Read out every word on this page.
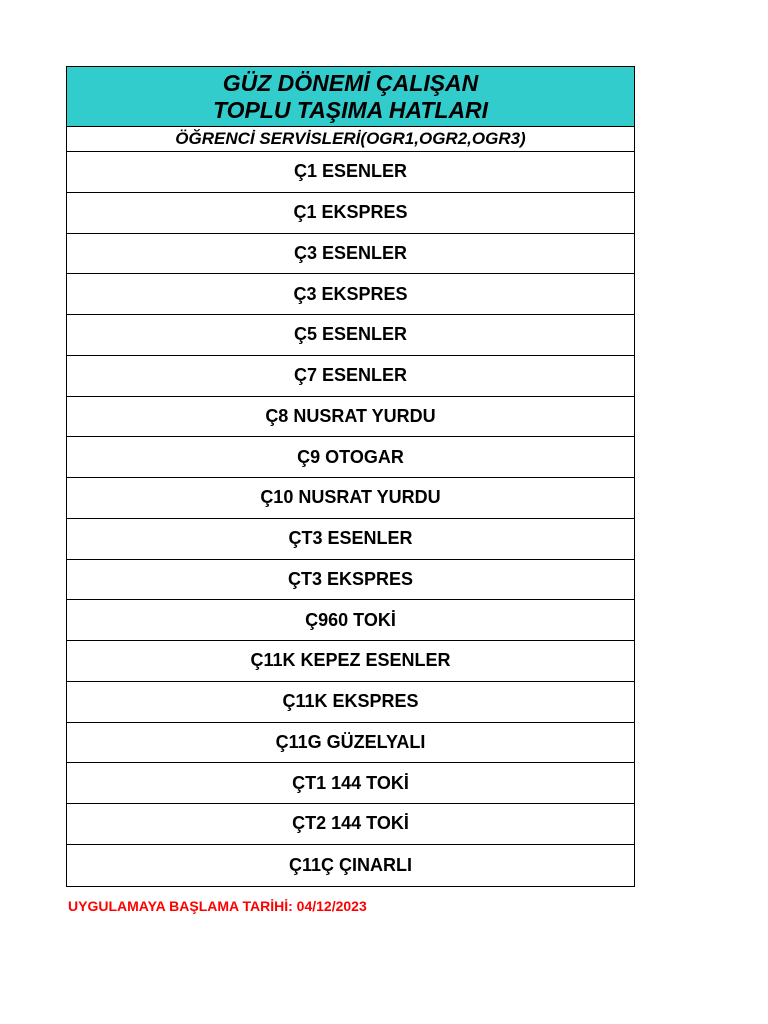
GÜZ DÖNEMİ ÇALIŞAN
TOPLU TAŞIMA HATLARI
ÖĞRENCİ SERVİSLERİ(OGR1,OGR2,OGR3)
Ç1 ESENLER
Ç1 EKSPRES
Ç3 ESENLER
Ç3 EKSPRES
Ç5 ESENLER
Ç7 ESENLER
Ç8 NUSRAT YURDU
Ç9 OTOGAR
Ç10 NUSRAT YURDU
ÇT3 ESENLER
ÇT3 EKSPRES
Ç960 TOKİ
Ç11K KEPEZ ESENLER
Ç11K EKSPRES
Ç11G GÜZELYALI
ÇT1 144 TOKİ
ÇT2 144 TOKİ
Ç11Ç ÇINARLI
UYGULAMAYA BAŞLAMA TARİHİ: 04/12/2023
